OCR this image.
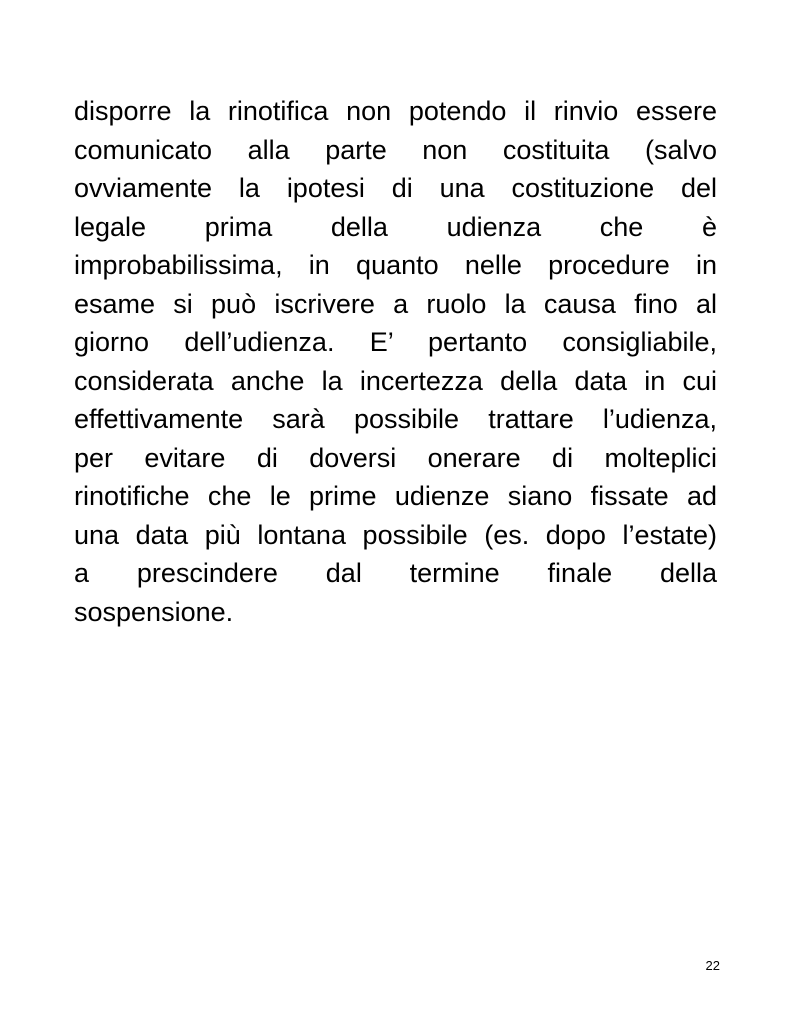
disporre la rinotifica non potendo il rinvio essere
comunicato alla parte non costituita (salvo
ovviamente la ipotesi di una costituzione del
legale prima della udienza che è
improbabilissima, in quanto nelle procedure in
esame si può iscrivere a ruolo la causa fino al
giorno dell’udienza. E’ pertanto consigliabile,
considerata anche la incertezza della data in cui
effettivamente sarà possibile trattare l’udienza,
per evitare di doversi onerare di molteplici
rinotifiche che le prime udienze siano fissate ad
una data più lontana possibile (es. dopo l’estate)
a prescindere dal termine finale della
sospensione.
22
